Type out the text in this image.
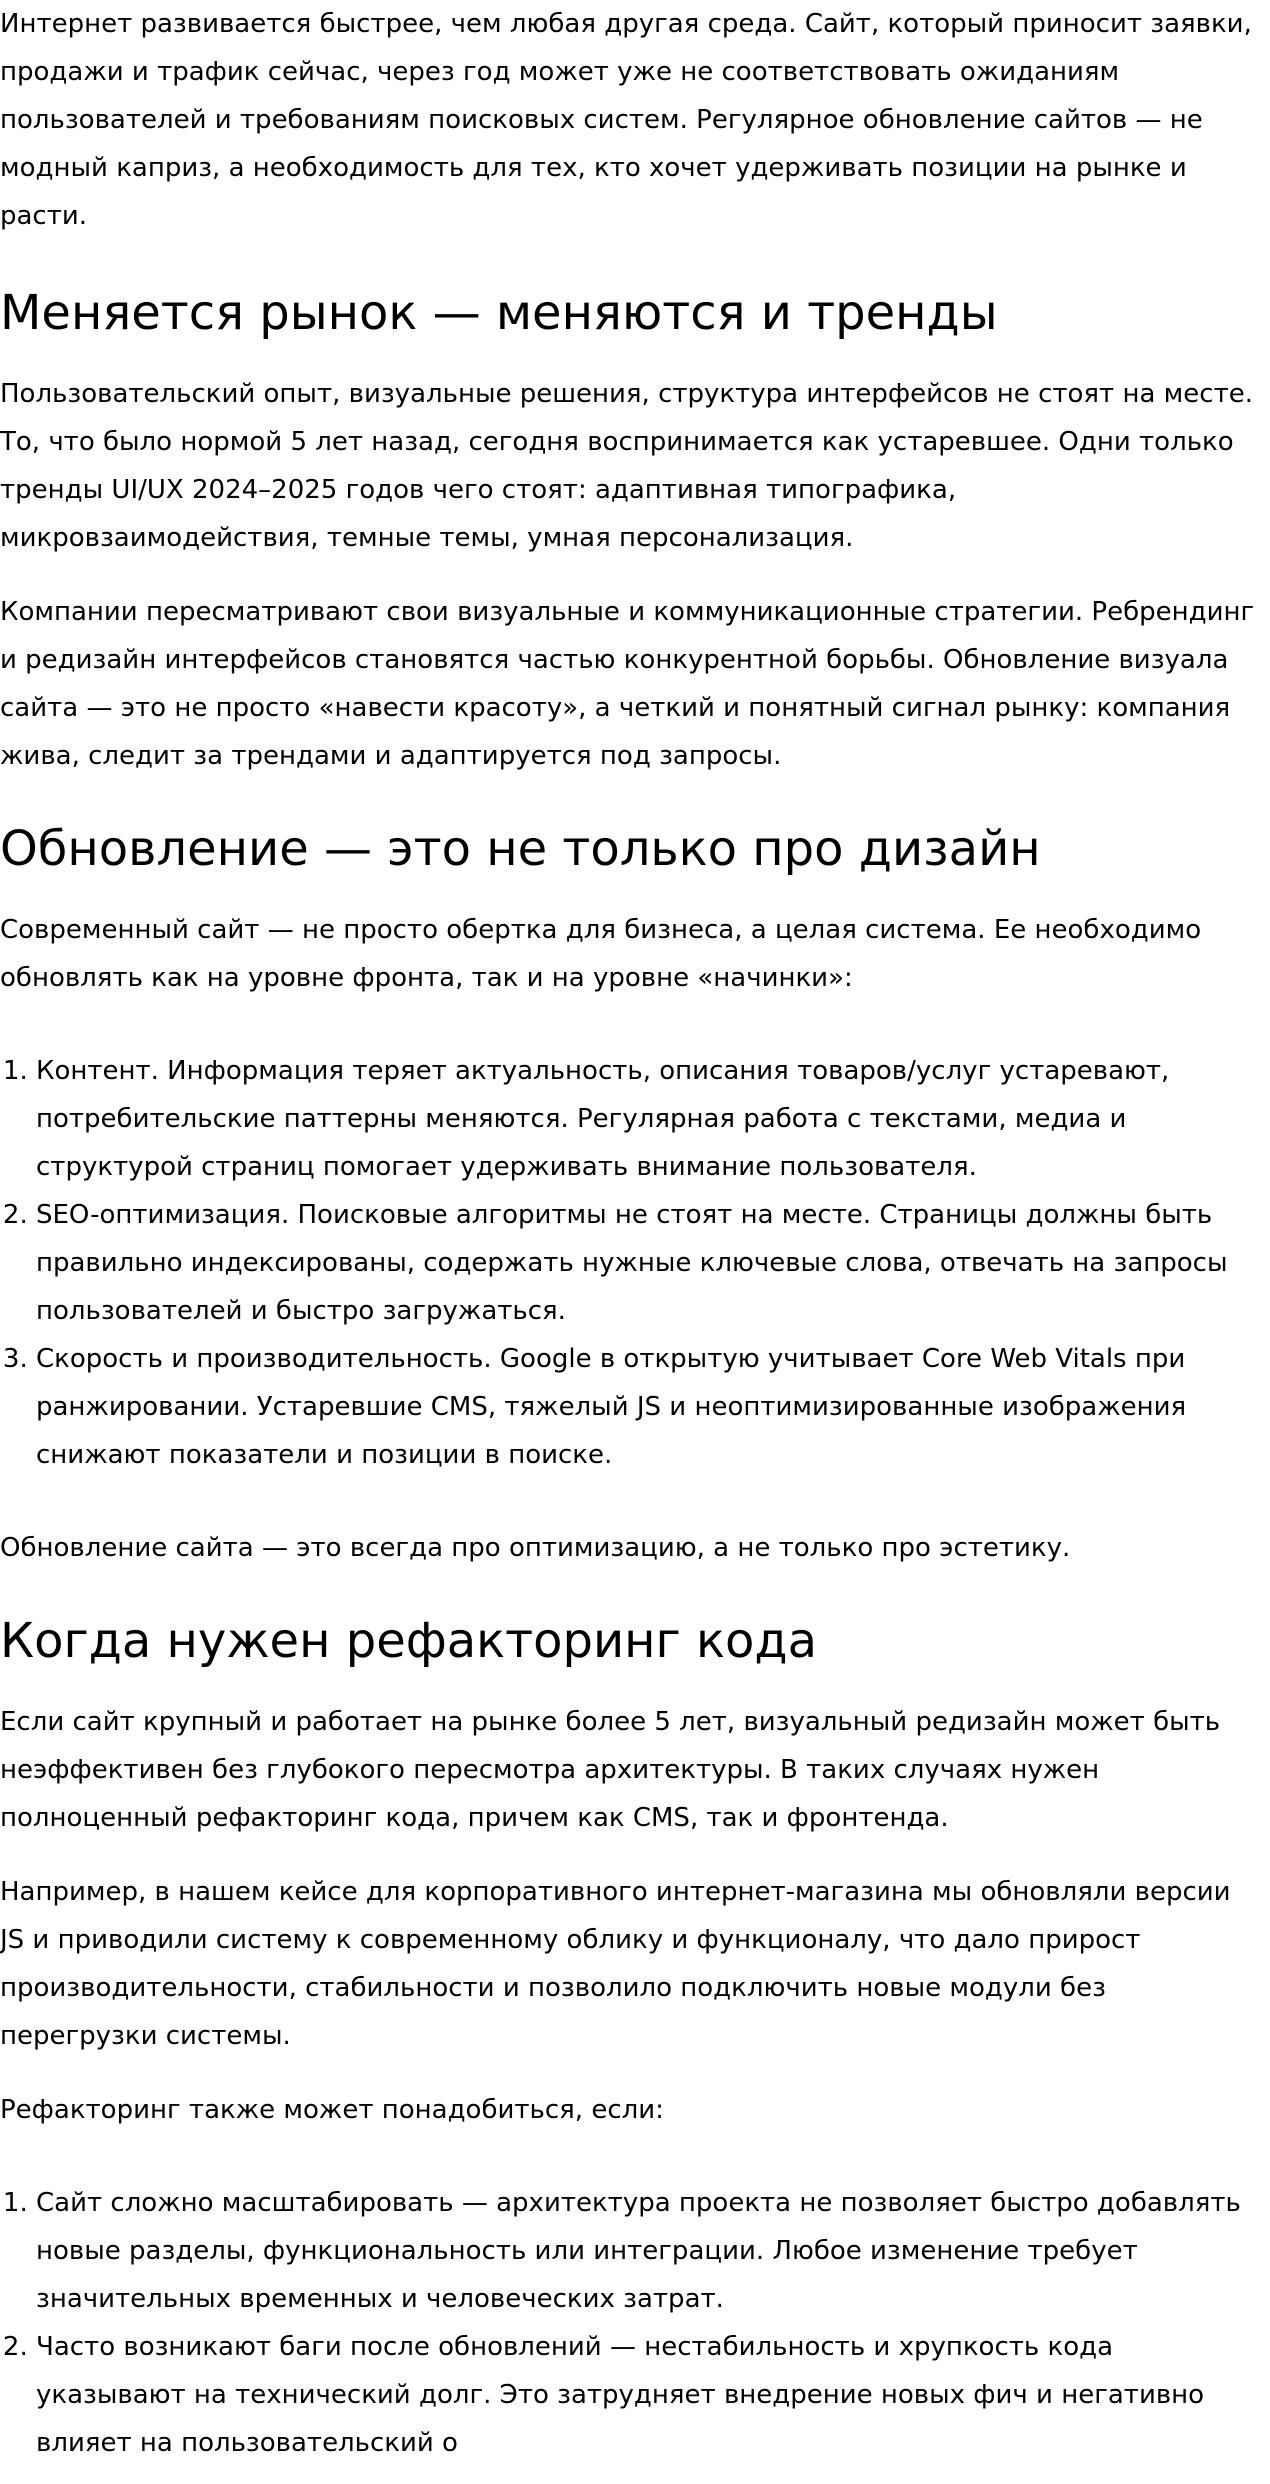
Интернет развивается быстрее, чем любая другая среда. Сайт, который приносит заявки, продажи и трафик сейчас, через год может уже не соответствовать ожиданиям пользователей и требованиям поисковых систем. Регулярное обновление сайтов — не модный каприз, а необходимость для тех, кто хочет удерживать позиции на рынке и расти.

Меняется рынок — меняются и тренды

Пользовательский опыт, визуальные решения, структура интерфейсов не стоят на месте. То, что было нормой 5 лет назад, сегодня воспринимается как устаревшее. Одни только тренды UI/UX 2024–2025 годов чего стоят: адаптивная типографика, микровзаимодействия, темные темы, умная персонализация.

Компании пересматривают свои визуальные и коммуникационные стратегии. Ребрендинг и редизайн интерфейсов становятся частью конкурентной борьбы. Обновление визуала сайта — это не просто «навести красоту», а четкий и понятный сигнал рынку: компания жива, следит за трендами и адаптируется под запросы.

Обновление — это не только про дизайн

Современный сайт — не просто обертка для бизнеса, а целая система. Ее необходимо обновлять как на уровне фронта, так и на уровне «начинки»:

1. Контент. Информация теряет актуальность, описания товаров/услуг устаревают, потребительские паттерны меняются. Регулярная работа с текстами, медиа и структурой страниц помогает удерживать внимание пользователя.
2. SEO-оптимизация. Поисковые алгоритмы не стоят на месте. Страницы должны быть правильно индексированы, содержать нужные ключевые слова, отвечать на запросы пользователей и быстро загружаться.
3. Скорость и производительность. Google в открытую учитывает Core Web Vitals при ранжировании. Устаревшие CMS, тяжелый JS и неоптимизированные изображения снижают показатели и позиции в поиске.

Обновление сайта — это всегда про оптимизацию, а не только про эстетику.

Когда нужен рефакторинг кода

Если сайт крупный и работает на рынке более 5 лет, визуальный редизайн может быть неэффективен без глубокого пересмотра архитектуры. В таких случаях нужен полноценный рефакторинг кода, причем как CMS, так и фронтенда.

Например, в нашем кейсе для корпоративного интернет-магазина мы обновляли версии JS и приводили систему к современному облику и функционалу, что дало прирост производительности, стабильности и позволило подключить новые модули без перегрузки системы.

Рефакторинг также может понадобиться, если:

1. Сайт сложно масштабировать — архитектура проекта не позволяет быстро добавлять новые разделы, функциональность или интеграции. Любое изменение требует значительных временных и человеческих затрат.
2. Часто возникают баги после обновлений — нестабильность и хрупкость кода указывают на технический долг. Это затрудняет внедрение новых фич и негативно влияет на пользовательский о
